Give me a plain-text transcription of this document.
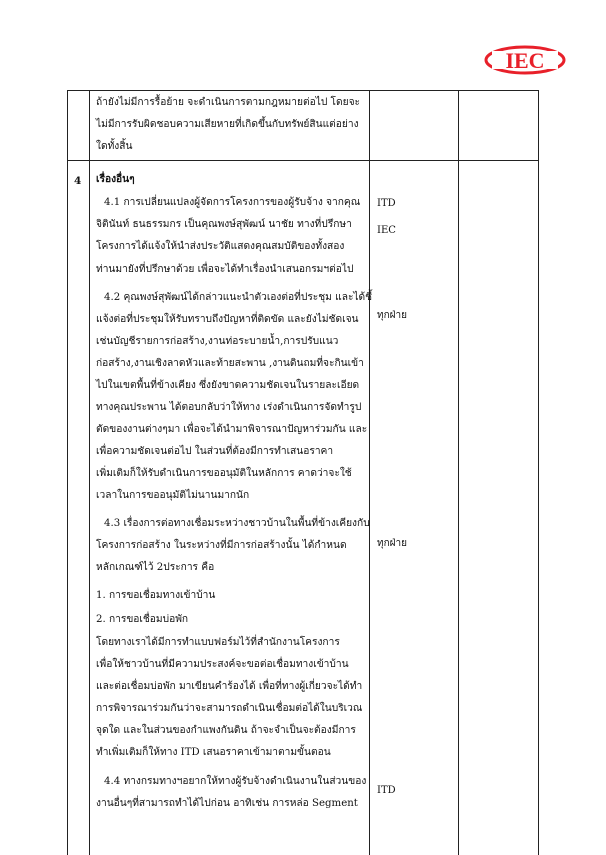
IEC
ถ้ายังไม่มีการรื้อย้าย จะดำเนินการตามกฎหมายต่อไป โดยจะ
ไม่มีการรับผิดชอบความเสียหายที่เกิดขึ้นกับทรัพย์สินแต่อย่าง
ใดทั้งสิ้น
4 เรื่องอื่นๆ
4.1 การเปลี่ยนแปลงผู้จัดการโครงการของผู้รับจ้าง จากคุณ
จิตินันท์ ธนธรรมกร เป็นคุณพงษ์สุพัฒน์ นาชัย ทางที่ปรึกษา
โครงการได้แจ้งให้นำส่งประวัติแสดงคุณสมบัติของทั้งสอง
ท่านมายังที่ปรึกษาด้วย เพื่อจะได้ทำเรื่องนำเสนอกรมฯต่อไป
ITD
IEC
4.2 คุณพงษ์สุพัฒน์ได้กล่าวแนะนำตัวเองต่อที่ประชุม และได้ชี้
แจ้งต่อที่ประชุมให้รับทราบถึงปัญหาที่ติดขัด และยังไม่ชัดเจน
เช่นบัญชีรายการก่อสร้าง,งานท่อระบายน้ำ,การปรับแนว
ก่อสร้าง,งานเชิงลาดหัวและท้ายสะพาน ,งานดินถมที่จะกินเข้า
ไปในเขตพื้นที่ข้างเคียง ซึ่งยังขาดความชัดเจนในรายละเอียด
ทางคุณประพาน ได้ตอบกลับว่าให้ทาง เร่งดำเนินการจัดทำรูป
ตัดของงานต่างๆมา เพื่อจะได้นำมาพิจารณาปัญหาร่วมกัน และ
เพื่อความชัดเจนต่อไป ในส่วนที่ต้องมีการทำเสนอราคา
เพิ่มเติมก็ให้รับดำเนินการขออนุมัติในหลักการ คาดว่าจะใช้
เวลาในการขออนุมัติไม่นานมากนัก
ทุกฝ่าย
4.3 เรื่องการต่อทางเชื่อมระหว่างชาวบ้านในพื้นที่ข้างเคียงกับ
โครงการก่อสร้าง ในระหว่างที่มีการก่อสร้างนั้น ได้กำหนด
หลักเกณฑ์ไว้ 2ประการ คือ
1. การขอเชื่อมทางเข้าบ้าน
2. การขอเชื่อมบ่อพัก
โดยทางเราได้มีการทำแบบฟอร์มไว้ที่สำนักงานโครงการ
เพื่อให้ชาวบ้านที่มีความประสงค์จะขอต่อเชื่อมทางเข้าบ้าน
และต่อเชื่อมบ่อพัก มาเขียนคำร้องได้ เพื่อที่ทางผู้เกี่ยวจะได้ทำ
การพิจารณาร่วมกันว่าจะสามารถดำเนินเชื่อมต่อได้ในบริเวณ
จุดใด และในส่วนของกำแพงกันดิน ถ้าจะจำเป็นจะต้องมีการ
ทำเพิ่มเติมก็ให้ทาง ITD เสนอราคาเข้ามาตามขั้นตอน
ทุกฝ่าย
4.4 ทางกรมทางฯอยากให้ทางผู้รับจ้างดำเนินงานในส่วนของ
งานอื่นๆที่สามารถทำได้ไปก่อน อาทิเช่น การหล่อ Segment
ITD
